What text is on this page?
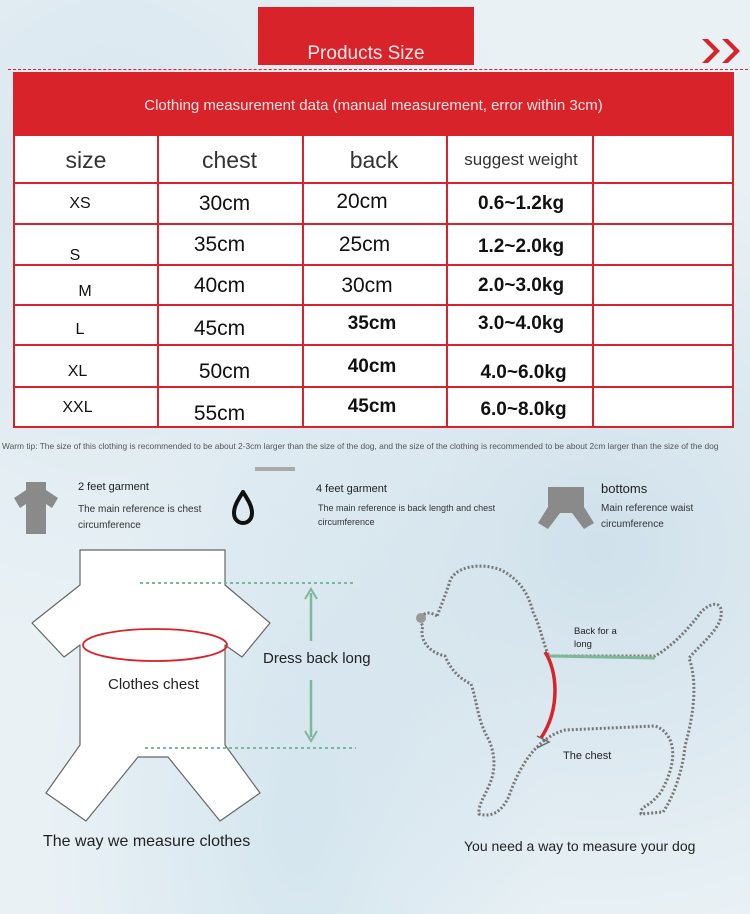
Products Size
Clothing measurement data (manual measurement, error within 3cm)
size	chest	back	suggest weight
XS	30cm	20cm	0.6~1.2kg
S	35cm	25cm	1.2~2.0kg
M	40cm	30cm	2.0~3.0kg
L	45cm	35cm	3.0~4.0kg
XL	50cm	40cm	4.0~6.0kg
XXL	55cm	45cm	6.0~8.0kg
Warm tip: The size of this clothing is recommended to be about 2-3cm larger than the size of the dog, and the size of the clothing is recommended to be about 2cm larger than the size of the dog
2 feet garment
The main reference is chest circumference
4 feet garment
The main reference is back length and chest circumference
bottoms
Main reference waist circumference
Clothes chest
Dress back long
The way we measure clothes
Back for a long
The chest
You need a way to measure your dog
